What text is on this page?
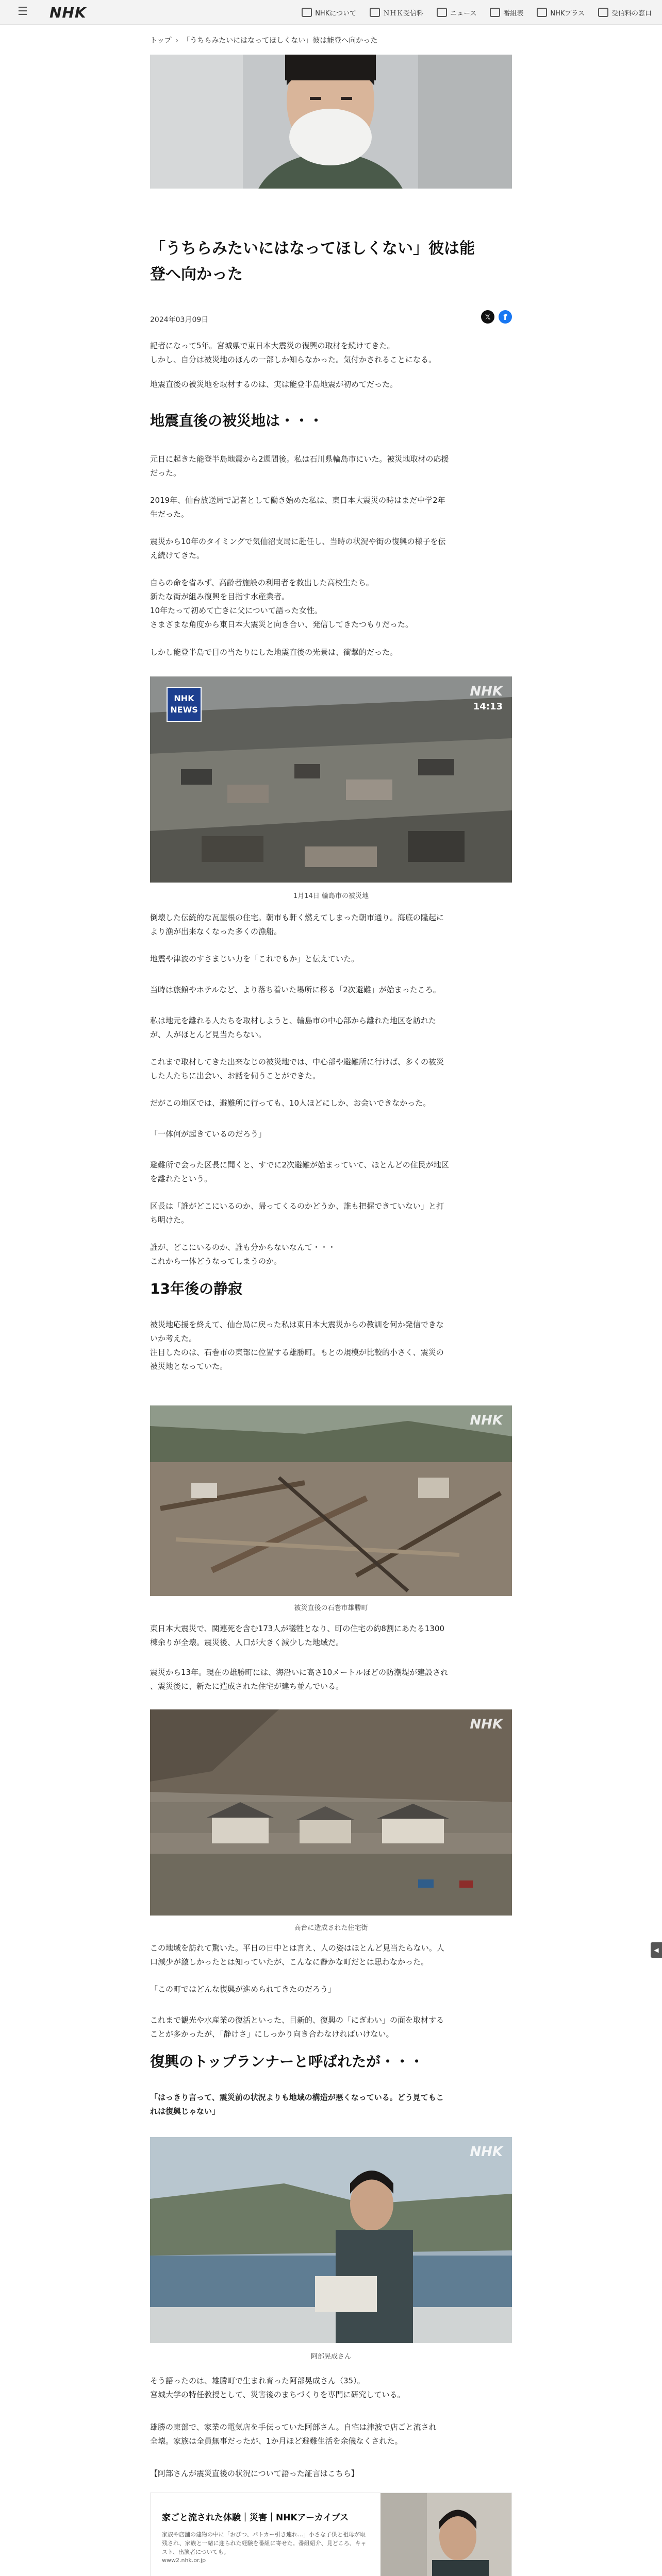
☰ NHK	NHKについて	ＮＨＫ受信料	ニュース	番組表	NHKプラス	受信料の窓口
トップ › 「うちらみたいにはなってほしくない」彼は能登へ向かった
「うちらみたいにはなってほしくない」彼は能
登へ向かった
2024年03月09日	𝕏	f
記者になって5年。宮城県で東日本大震災の復興の取材を続けてきた。
しかし、自分は被災地のほんの一部しか知らなかった。気付かされることになる。
地震直後の被災地を取材するのは、実は能登半島地震が初めてだった。
地震直後の被災地は・・・
元日に起きた能登半島地震から2週間後。私は石川県輪島市にいた。被災地取材の応援
だった。
2019年、仙台放送局で記者として働き始めた私は、東日本大震災の時はまだ中学2年
生だった。
震災から10年のタイミングで気仙沼支局に赴任し、当時の状況や街の復興の様子を伝
え続けてきた。
自らの命を省みず、高齢者施設の利用者を救出した高校生たち。
新たな街が組み復興を目指す水産業者。
10年たって初めて亡きに父について語った女性。
さまざまな角度から東日本大震災と向き合い、発信してきたつもりだった。
しかし能登半島で目の当たりにした地震直後の光景は、衝撃的だった。
NHK NEWS
NHK
14:13
1月14日 輪島市の被災地
倒壊した伝統的な瓦屋根の住宅。朝市も軒く燃えてしまった朝市通り。海底の隆起に
より漁が出来なくなった多くの漁船。
地震や津波のすさまじい力を「これでもか」と伝えていた。
当時は旅館やホテルなど、より落ち着いた場所に移る「2次避難」が始まったころ。
私は地元を離れる人たちを取材しようと、輪島市の中心部から離れた地区を訪れた
が、人がほとんど見当たらない。
これまで取材してきた出来なじの被災地では、中心部や避難所に行けば、多くの被災
した人たちに出会い、お話を伺うことができた。
だがこの地区では、避難所に行っても、10人ほどにしか、お会いできなかった。
「一体何が起きているのだろう」
避難所で会った区長に聞くと、すでに2次避難が始まっていて、ほとんどの住民が地区
を離れたという。
区長は「誰がどこにいるのか、帰ってくるのかどうか、誰も把握できていない」と打
ち明けた。
誰が、どこにいるのか、誰も分からないなんて・・・
これから一体どうなってしまうのか。
13年後の静寂
被災地応援を終えて、仙台局に戻った私は東日本大震災からの教訓を何か発信できな
いか考えた。
注目したのは、石巻市の東部に位置する雄勝町。もとの規模が比較的小さく、震災の
被災地となっていた。
NHK
被災直後の石巻市雄勝町
東日本大震災で、関連死を含む173人が犠牲となり、町の住宅の約8割にあたる1300
棟余りが全壊。震災後、人口が大きく減少した地域だ。
震災から13年。現在の雄勝町には、海沿いに高さ10メートルほどの防潮堤が建設され
、震災後に、新たに造成された住宅が建ち並んでいる。
NHK
高台に造成された住宅街
この地域を訪れて驚いた。平日の日中とは言え、人の姿はほとんど見当たらない。人
口減少が激しかったとは知っていたが、こんなに静かな町だとは思わなかった。
「この町ではどんな復興が進められてきたのだろう」
これまで観光や水産業の復活といった、目新的、復興の「にぎわい」の面を取材する
ことが多かったが、「静けさ」にしっかり向き合わなければいけない。
復興のトップランナーと呼ばれたが・・・
「はっきり言って、震災前の状況よりも地域の構造が悪くなっている。どう見てもこ
れは復興じゃない」
NHK
阿部晃成さん
そう語ったのは、雄勝町で生まれ育った阿部晃成さん（35）。
宮城大学の特任教授として、災害後のまちづくりを専門に研究している。
雄勝の東部で、家業の電気店を手伝っていた阿部さん。自宅は津波で店ごと流され
全壊。家族は全員無事だったが、1か月ほど避難生活を余儀なくされた。
【阿部さんが震災直後の状況について語った証言はこちら】
家ごと流された体験｜災害｜NHKアーカイブス
家族や店舗の建物の中に「おびつ、パトカー引き連れ…」小さな子供と祖母が取
残され、家族と一緒に迎られた経験を番組に寄せた。番組紹介、見どころ、キャ
スト、出演者についても。
www2.nhk.or.jp
◀
